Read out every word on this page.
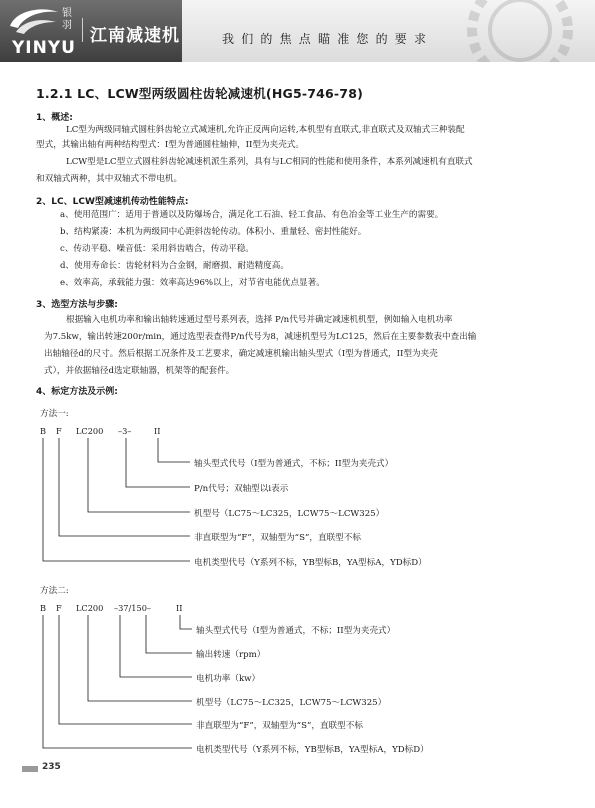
银羽
YINYU
江南减速机	我们的焦点瞄准您的要求
1.2.1 LC、LCW型两级圆柱齿轮减速机(HG5-746-78)
1、概述:
LC型为两级同轴式圆柱斜齿轮立式减速机,允许正反两向运转,本机型有直联式,非直联式及双轴式三种装配
型式，其输出轴有两种结构型式：I型为普通圆柱轴伸，II型为夹壳式。
LCW型是LC型立式圆柱斜齿轮减速机派生系列，具有与LC相同的性能和使用条件，本系列减速机有直联式
和双轴式两种，其中双轴式不带电机。
2、LC、LCW型减速机传动性能特点:
a、使用范围广：适用于普通以及防爆场合，满足化工石油、轻工食品、有色冶金等工业生产的需要。
b、结构紧凑：本机为两级同中心距斜齿轮传动。体积小、重量轻、密封性能好。
c、传动平稳、噪音低：采用斜齿啮合，传动平稳。
d、使用寿命长：齿轮材料为合金钢，耐磨损、耐造精度高。
e、效率高，承载能力强：效率高达96%以上，对节省电能优点显著。
3、选型方法与步骤:
根据输入电机功率和输出轴转速通过型号系列表，选择 P/n代号并确定减速机机型，例如输入电机功率
为7.5kw，输出转速200r/min，通过选型表查得P/n代号为8，减速机型号为LC125，然后在主要参数表中查出输
出轴轴径d的尺寸。然后根据工况条件及工艺要求，确定减速机输出轴头型式（I型为普通式，II型为夹壳
式），并依据轴径d选定联轴器，机架等的配套件。
4、标定方法及示例:
方法一:
B F LC200 –3–	II
轴头型式代号（I型为普通式，不标；II型为夹壳式）
P/n代号；双轴型以i表示
机型号（LC75～LC325，LCW75～LCW325）
非直联型为“F”，双轴型为“S”，直联型不标
电机类型代号（Y系列不标，YB型标B，YA型标A，YD标D）
方法二:
B F LC200 –37/150–	II
轴头型式代号（I型为普通式，不标；II型为夹壳式）
输出转速（rpm）
电机功率（kw）
机型号（LC75～LC325，LCW75～LCW325）
非直联型为“F”，双轴型为“S”，直联型不标
电机类型代号（Y系列不标，YB型标B，YA型标A，YD标D）
235
